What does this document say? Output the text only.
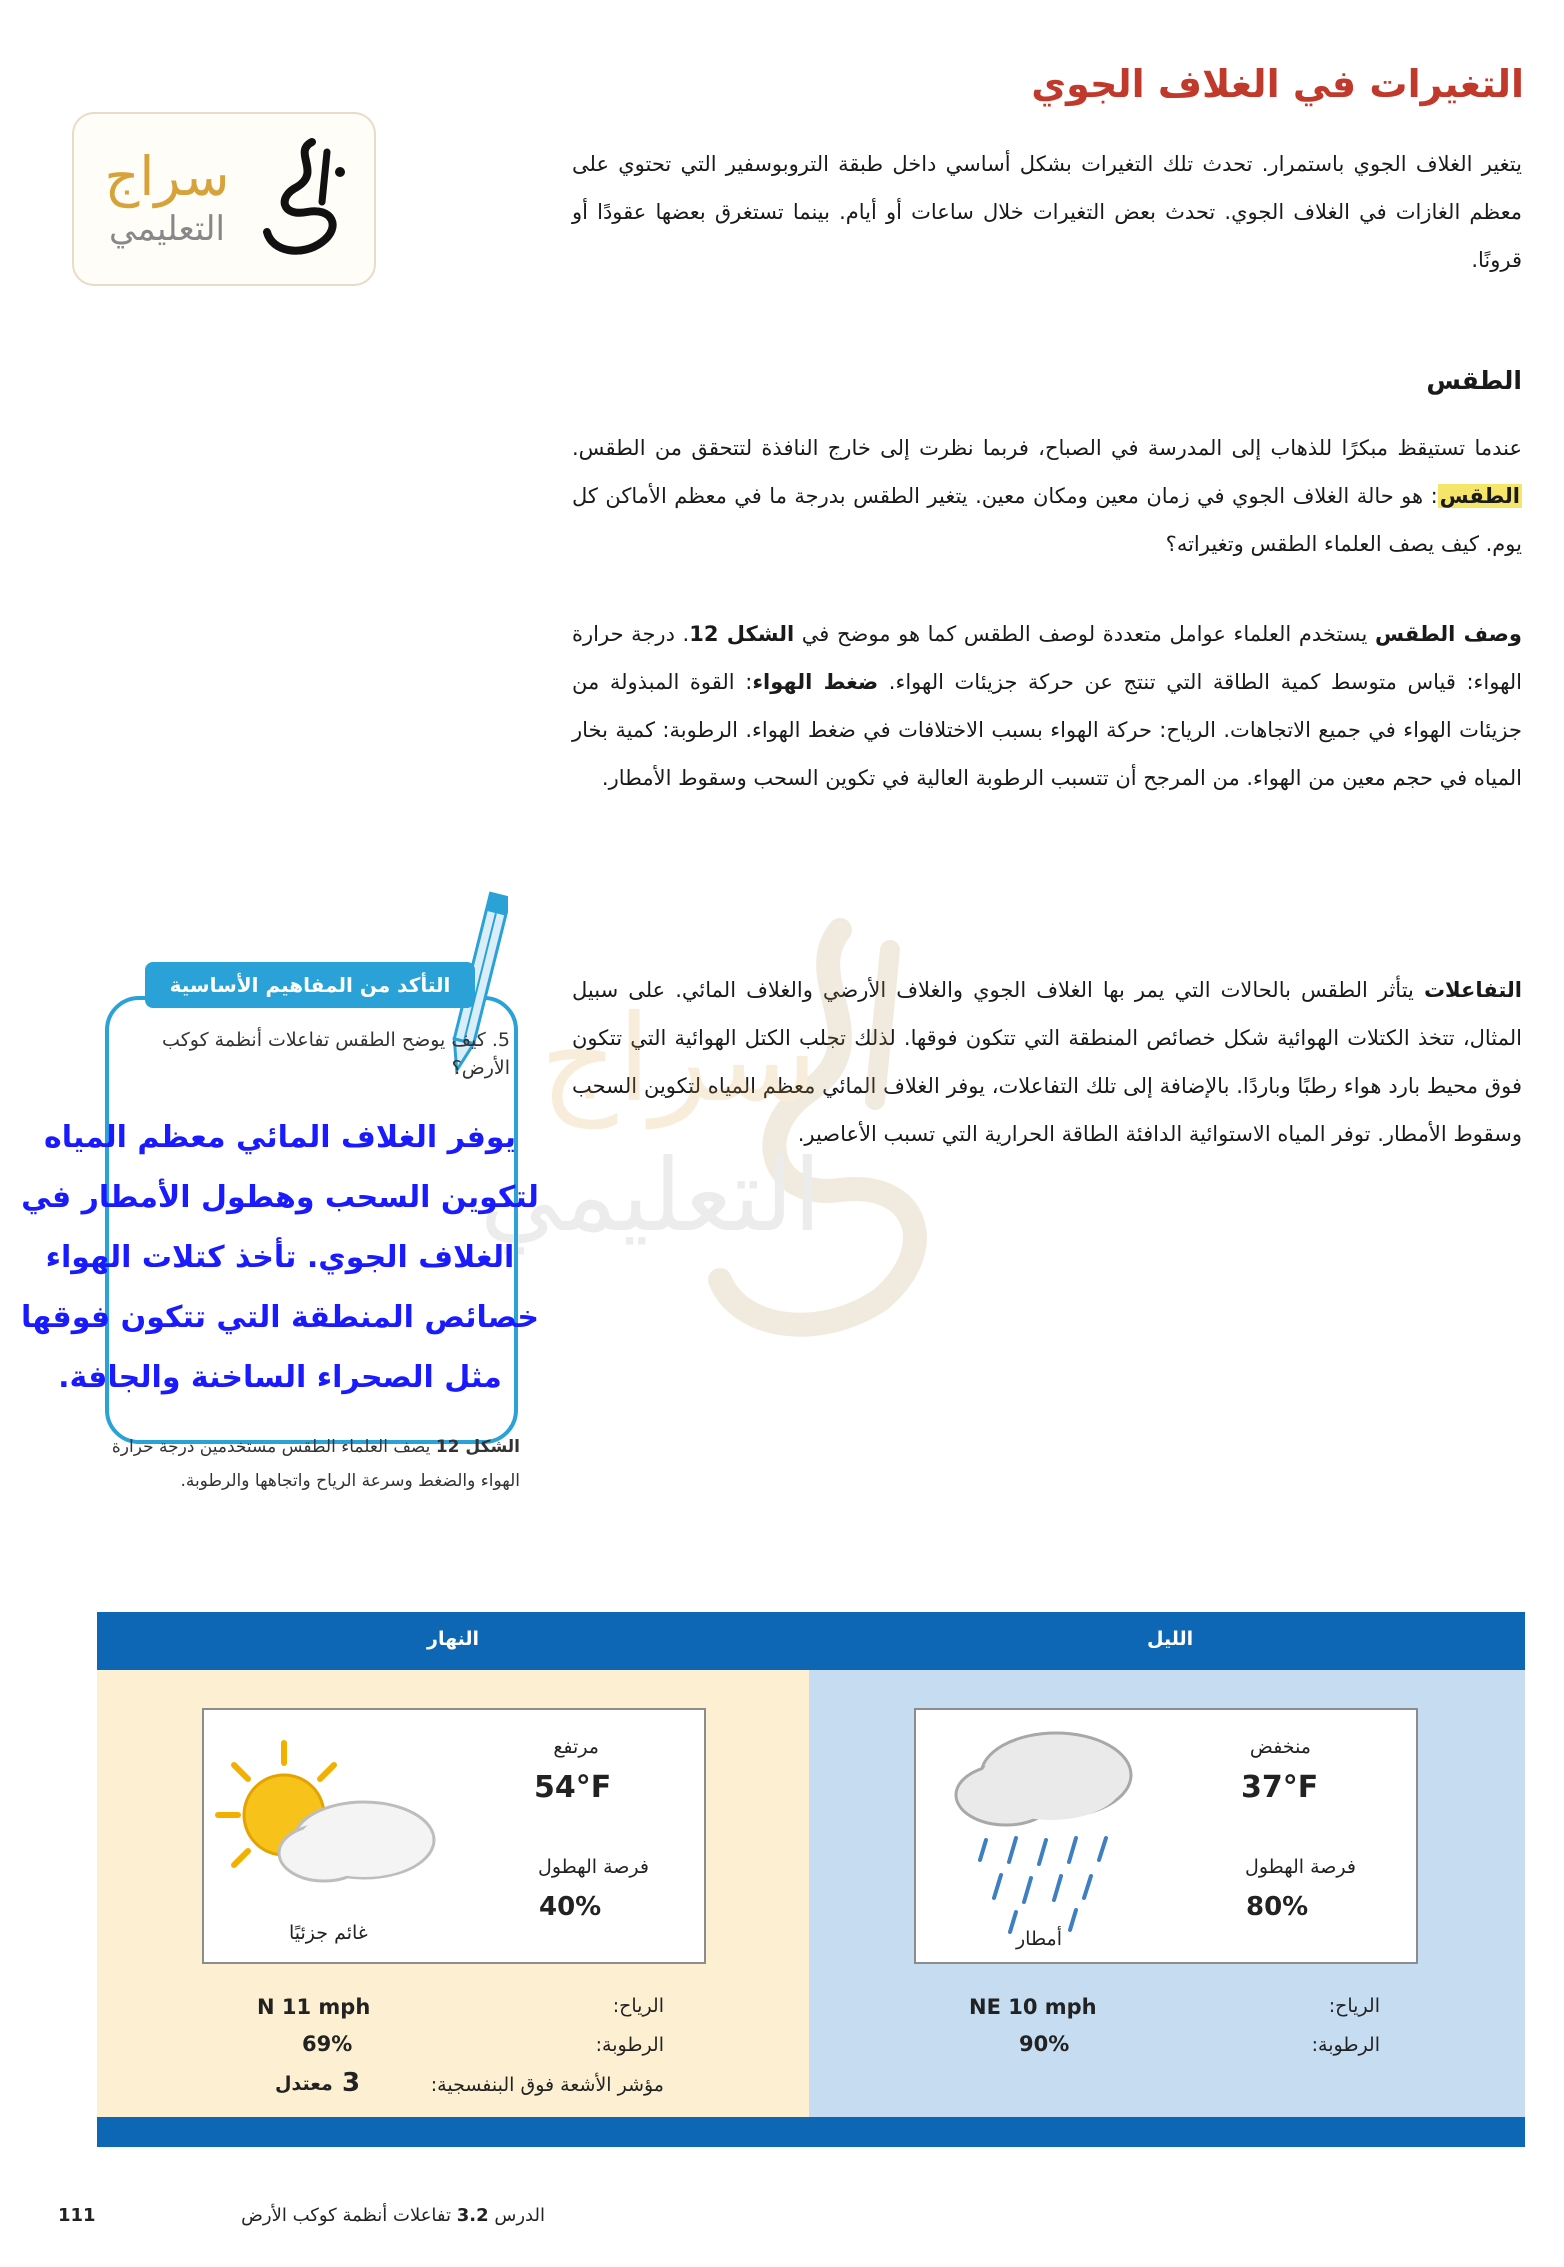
التغيرات في الغلاف الجوي
سراج
التعليمي
يتغير الغلاف الجوي باستمرار. تحدث تلك التغيرات بشكل أساسي داخل طبقة التروبوسفير التي تحتوي على معظم الغازات في الغلاف الجوي. تحدث بعض التغيرات خلال ساعات أو أيام. بينما تستغرق بعضها عقودًا أو قرونًا.
الطقس
عندما تستيقظ مبكرًا للذهاب إلى المدرسة في الصباح، فربما نظرت إلى خارج النافذة لتتحقق من الطقس. الطقس: هو حالة الغلاف الجوي في زمان معين ومكان معين. يتغير الطقس بدرجة ما في معظم الأماكن كل يوم. كيف يصف العلماء الطقس وتغيراته؟
وصف الطقس يستخدم العلماء عوامل متعددة لوصف الطقس كما هو موضح في الشكل 12. درجة حرارة الهواء: قياس متوسط كمية الطاقة التي تنتج عن حركة جزيئات الهواء. ضغط الهواء: القوة المبذولة من جزيئات الهواء في جميع الاتجاهات. الرياح: حركة الهواء بسبب الاختلافات في ضغط الهواء. الرطوبة: كمية بخار المياه في حجم معين من الهواء. من المرجح أن تتسبب الرطوبة العالية في تكوين السحب وسقوط الأمطار.
التفاعلات يتأثر الطقس بالحالات التي يمر بها الغلاف الجوي والغلاف الأرضي والغلاف المائي. على سبيل المثال، تتخذ الكتلات الهوائية شكل خصائص المنطقة التي تتكون فوقها. لذلك تجلب الكتل الهوائية التي تتكون فوق محيط بارد هواء رطبًا وباردًا. بالإضافة إلى تلك التفاعلات، يوفر الغلاف المائي معظم المياه لتكوين السحب وسقوط الأمطار. توفر المياه الاستوائية الدافئة الطاقة الحرارية التي تسبب الأعاصير.
سراج
التعليمي
التأكد من المفاهيم الأساسية
5. كيف يوضح الطقس تفاعلات أنظمة كوكب الأرض؟
يوفر الغلاف المائي معظم المياه لتكوين السحب وهطول الأمطار في الغلاف الجوي. تأخذ كتلات الهواء خصائص المنطقة التي تتكون فوقها مثل الصحراء الساخنة والجافة.
الشكل 12 يصف العلماء الطقس مستخدمين درجة حرارة الهواء والضغط وسرعة الرياح واتجاهها والرطوبة.
النهار	الليل
مرتفع
54°F
فرصة الهطول
40%
غائم جزئيًا
N 11 mph	الرياح:
69%	الرطوبة:
مؤشر الأشعة فوق البنفسجية:
3
معتدل
منخفض
37°F
فرصة الهطول
80%
أمطار
NE 10 mph	الرياح:
90%	الرطوبة:
111	الدرس 3.2 تفاعلات أنظمة كوكب الأرض
